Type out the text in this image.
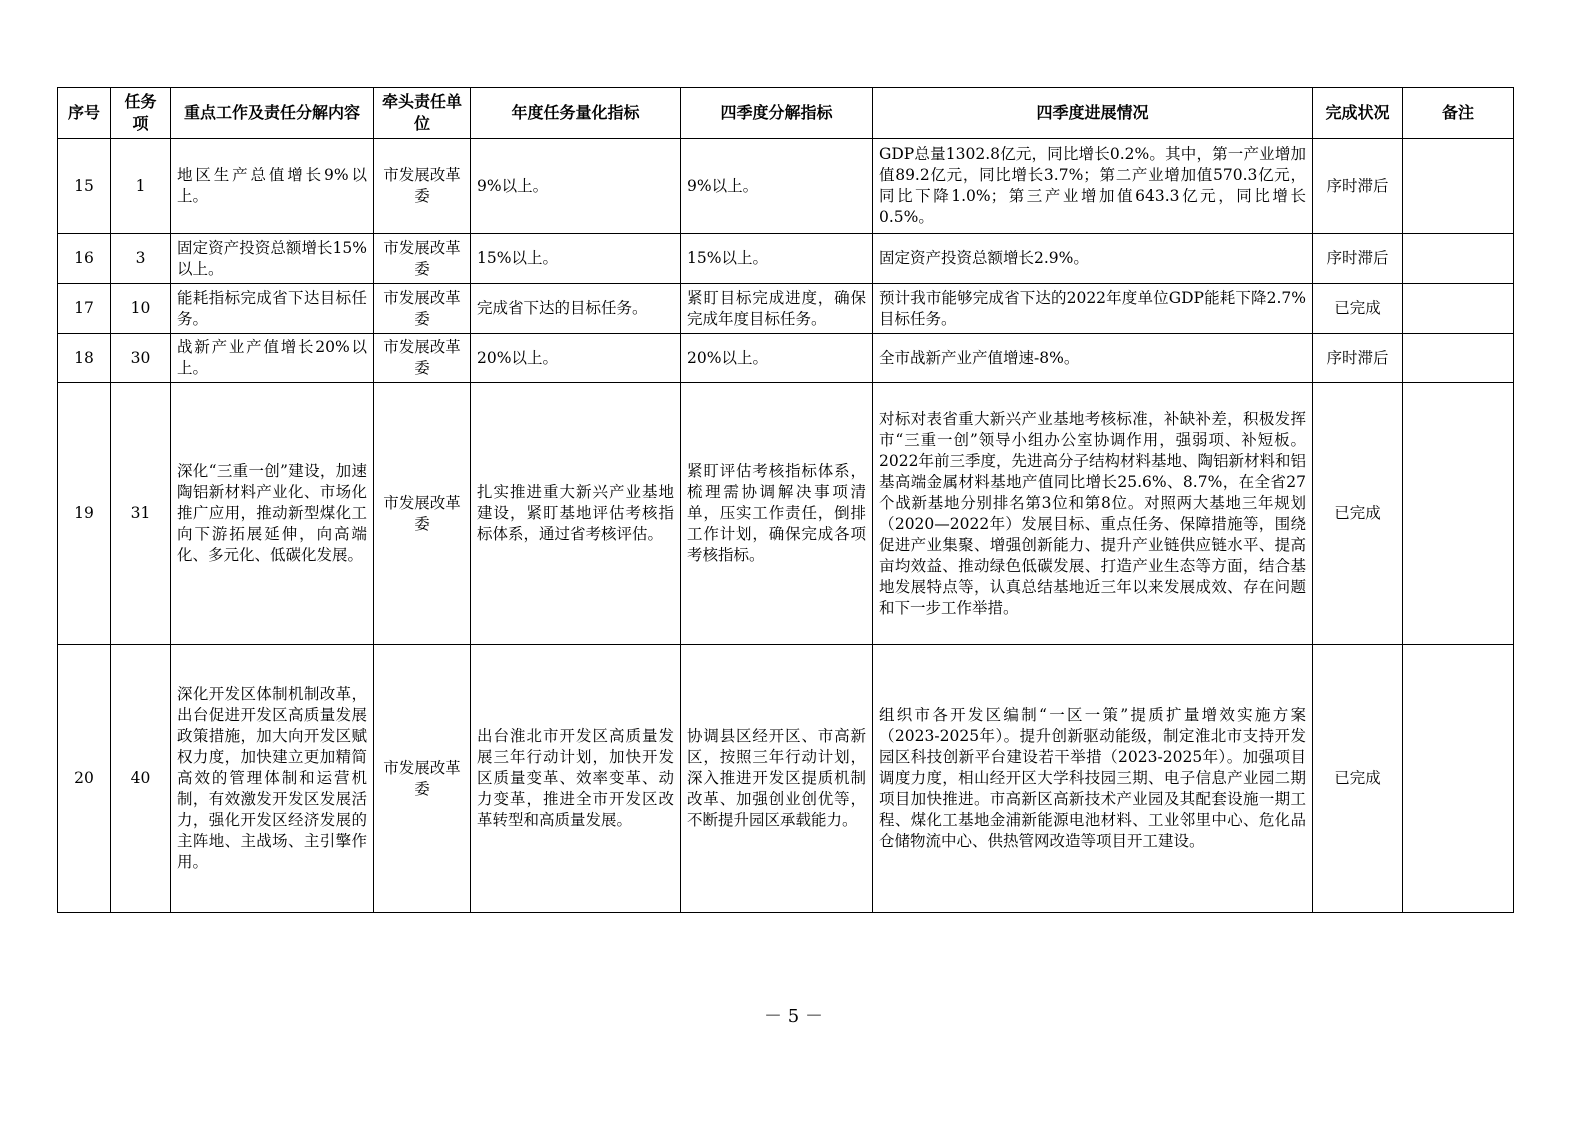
序号	任务项	重点工作及责任分解内容	牵头责任单位	年度任务量化指标	四季度分解指标	四季度进展情况	完成状况	备注
15	1	地区生产总值增长9%以上。	市发展改革委	9%以上。	9%以上。	GDP总量1302.8亿元，同比增长0.2%。其中，第一产业增加值89.2亿元，同比增长3.7%；第二产业增加值570.3亿元，同比下降1.0%；第三产业增加值643.3亿元，同比增长0.5%。	序时滞后	
16	3	固定资产投资总额增长15%以上。	市发展改革委	15%以上。	15%以上。	固定资产投资总额增长2.9%。	序时滞后	
17	10	能耗指标完成省下达目标任务。	市发展改革委	完成省下达的目标任务。	紧盯目标完成进度，确保完成年度目标任务。	预计我市能够完成省下达的2022年度单位GDP能耗下降2.7%目标任务。	已完成	
18	30	战新产业产值增长20%以上。	市发展改革委	20%以上。	20%以上。	全市战新产业产值增速-8%。	序时滞后	
19	31	深化“三重一创”建设，加速陶铝新材料产业化、市场化推广应用，推动新型煤化工向下游拓展延伸，向高端化、多元化、低碳化发展。	市发展改革委	扎实推进重大新兴产业基地建设，紧盯基地评估考核指标体系，通过省考核评估。	紧盯评估考核指标体系，梳理需协调解决事项清单，压实工作责任，倒排工作计划，确保完成各项考核指标。	对标对表省重大新兴产业基地考核标准，补缺补差，积极发挥市“三重一创”领导小组办公室协调作用，强弱项、补短板。2022年前三季度，先进高分子结构材料基地、陶铝新材料和铝基高端金属材料基地产值同比增长25.6%、8.7%，在全省27个战新基地分别排名第3位和第8位。对照两大基地三年规划（2020—2022年）发展目标、重点任务、保障措施等，围绕促进产业集聚、增强创新能力、提升产业链供应链水平、提高亩均效益、推动绿色低碳发展、打造产业生态等方面，结合基地发展特点等，认真总结基地近三年以来发展成效、存在问题和下一步工作举措。	已完成	
20	40	深化开发区体制机制改革，出台促进开发区高质量发展政策措施，加大向开发区赋权力度，加快建立更加精简高效的管理体制和运营机制，有效激发开发区发展活力，强化开发区经济发展的主阵地、主战场、主引擎作用。	市发展改革委	出台淮北市开发区高质量发展三年行动计划，加快开发区质量变革、效率变革、动力变革，推进全市开发区改革转型和高质量发展。	协调县区经开区、市高新区，按照三年行动计划，深入推进开发区提质机制改革、加强创业创优等，不断提升园区承载能力。	组织市各开发区编制“一区一策”提质扩量增效实施方案（2023-2025年）。提升创新驱动能级，制定淮北市支持开发园区科技创新平台建设若干举措（2023-2025年）。加强项目调度力度，相山经开区大学科技园三期、电子信息产业园二期项目加快推进。市高新区高新技术产业园及其配套设施一期工程、煤化工基地金浦新能源电池材料、工业邻里中心、危化品仓储物流中心、供热管网改造等项目开工建设。	已完成	
－ 5 －
